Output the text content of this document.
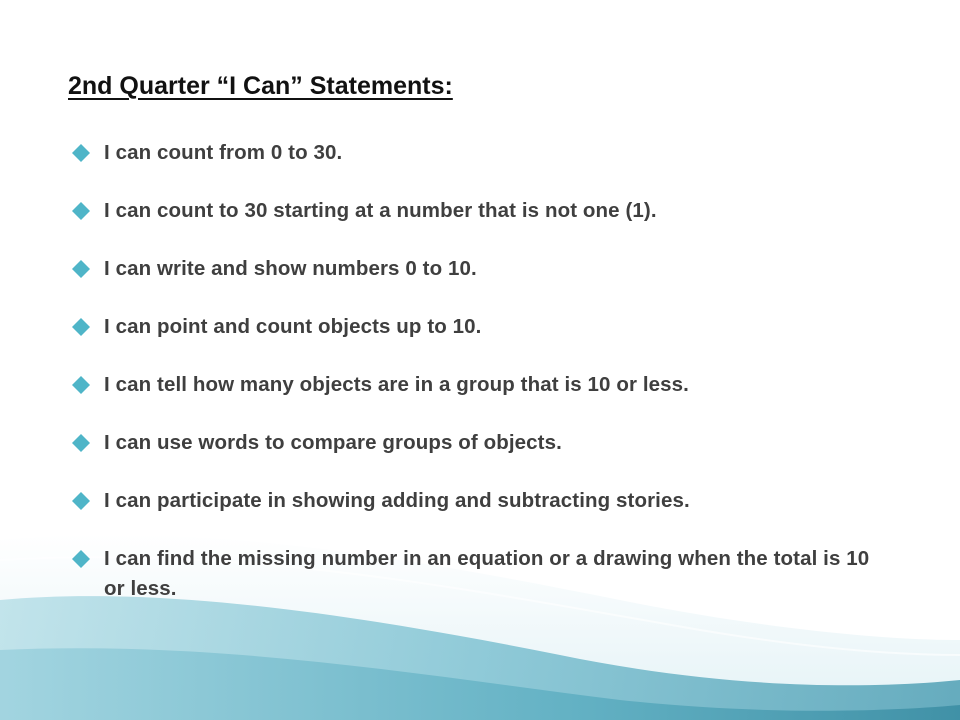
2nd Quarter “I Can” Statements:
I can count from 0 to 30.
I can count to 30 starting at a number that is not one (1).
I can write and show numbers 0 to 10.
I can point and count objects up to 10.
I can tell how many objects are in a group that is 10 or less.
I can use words to compare groups of objects.
I can participate in showing adding and subtracting stories.
I can find the missing number in an equation or a drawing when the total is 10 or less.
